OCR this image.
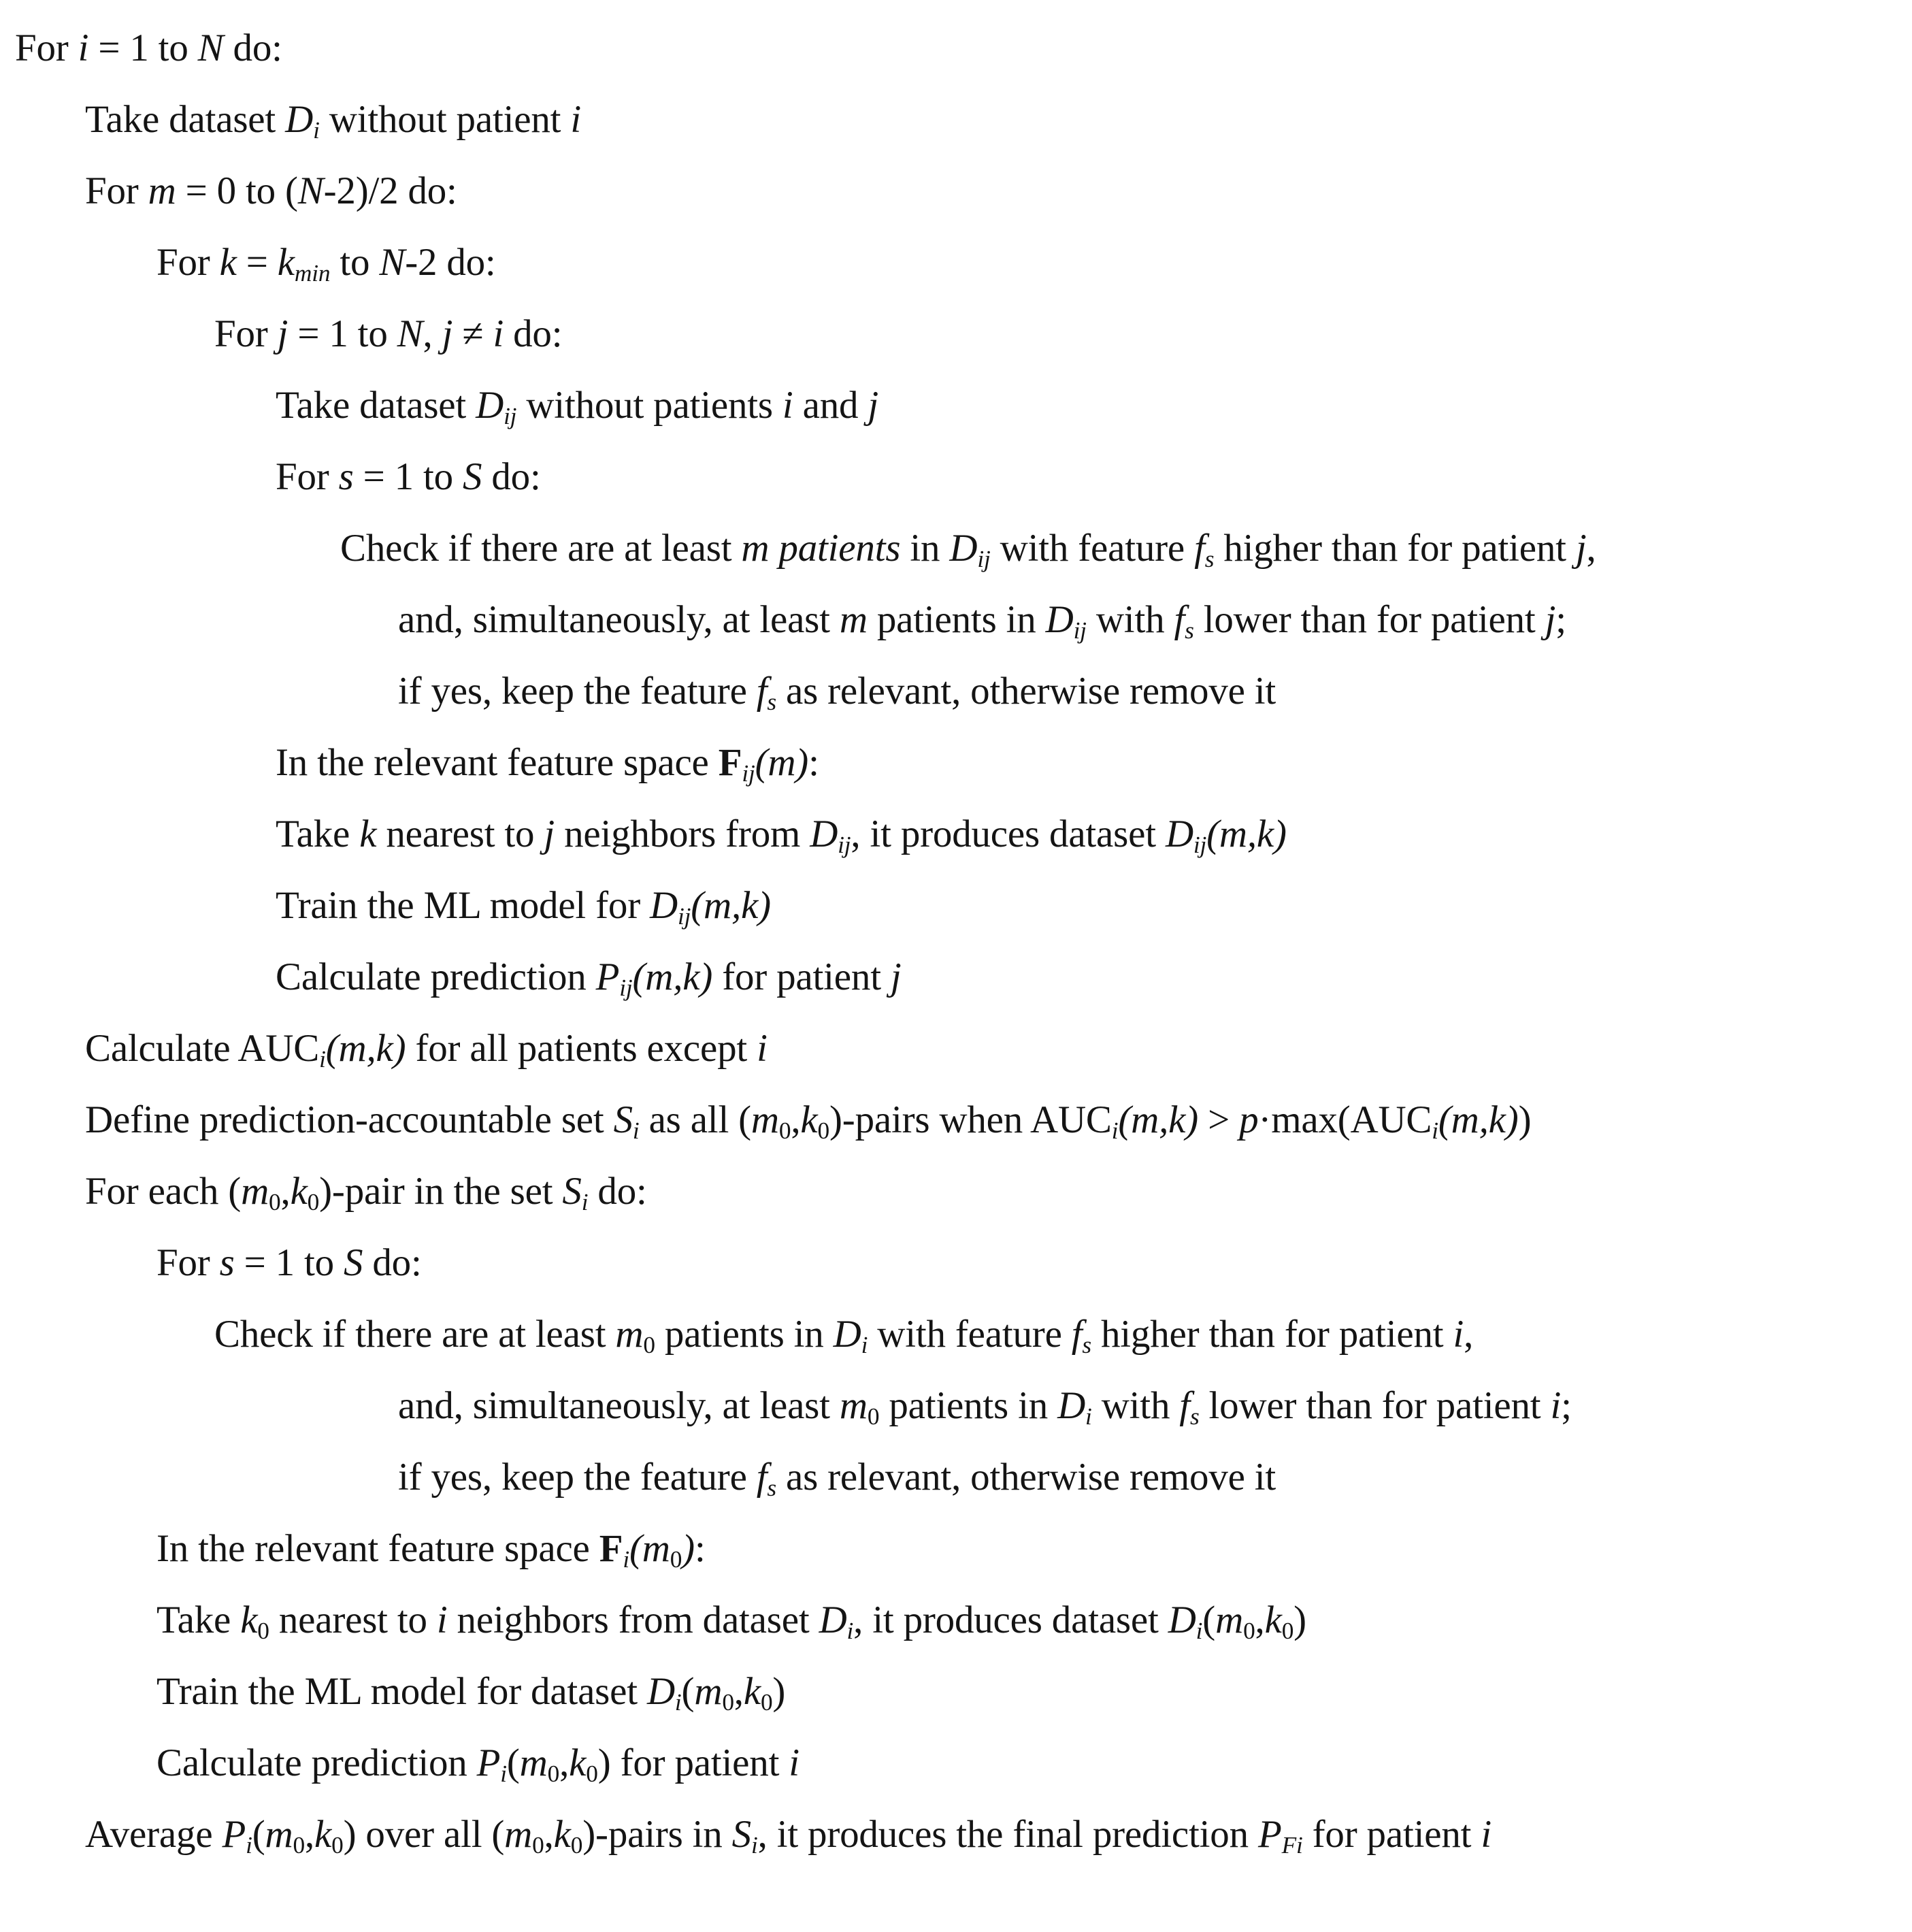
For i = 1 to N do:
Take dataset $D_i$ without patient i
For m = 0 to (N-2)/2 do:
For $k = k_{min}$ to N-2 do:
For j = 1 to N, j ≠ i do:
Take dataset $D_{ij}$ without patients i and j
For s = 1 to S do:
Check if there are at least m patients in $D_{ij}$ with feature $f_s$ higher than for patient j,
and, simultaneously, at least m patients in $D_{ij}$ with $f_s$ lower than for patient j;
if yes, keep the feature $f_s$ as relevant, otherwise remove it
In the relevant feature space $F_{ij}(m)$:
Take k nearest to j neighbors from $D_{ij}$, it produces dataset $D_{ij}(m,k)$
Train the ML model for $D_{ij}(m,k)$
Calculate prediction $P_{ij}(m,k)$ for patient j
Calculate $AUC_i(m,k)$ for all patients except i
Define prediction-accountable set $S_i$ as all $(m_0,k_0)$-pairs when $AUC_i(m,k) > p\cdot\max(AUC_i(m,k))$
For each $(m_0,k_0)$-pair in the set $S_i$ do:
For s = 1 to S do:
Check if there are at least $m_0$ patients in $D_i$ with feature $f_s$ higher than for patient i,
and, simultaneously, at least $m_0$ patients in $D_i$ with $f_s$ lower than for patient i;
if yes, keep the feature $f_s$ as relevant, otherwise remove it
In the relevant feature space $F_i(m_0)$:
Take $k_0$ nearest to i neighbors from dataset $D_i$, it produces dataset $D_i(m_0,k_0)$
Train the ML model for dataset $D_i(m_0,k_0)$
Calculate prediction $P_i(m_0,k_0)$ for patient i
Average $P_i(m_0,k_0)$ over all $(m_0,k_0)$-pairs in $S_i$, it produces the final prediction $P_{Fi}$ for patient i
